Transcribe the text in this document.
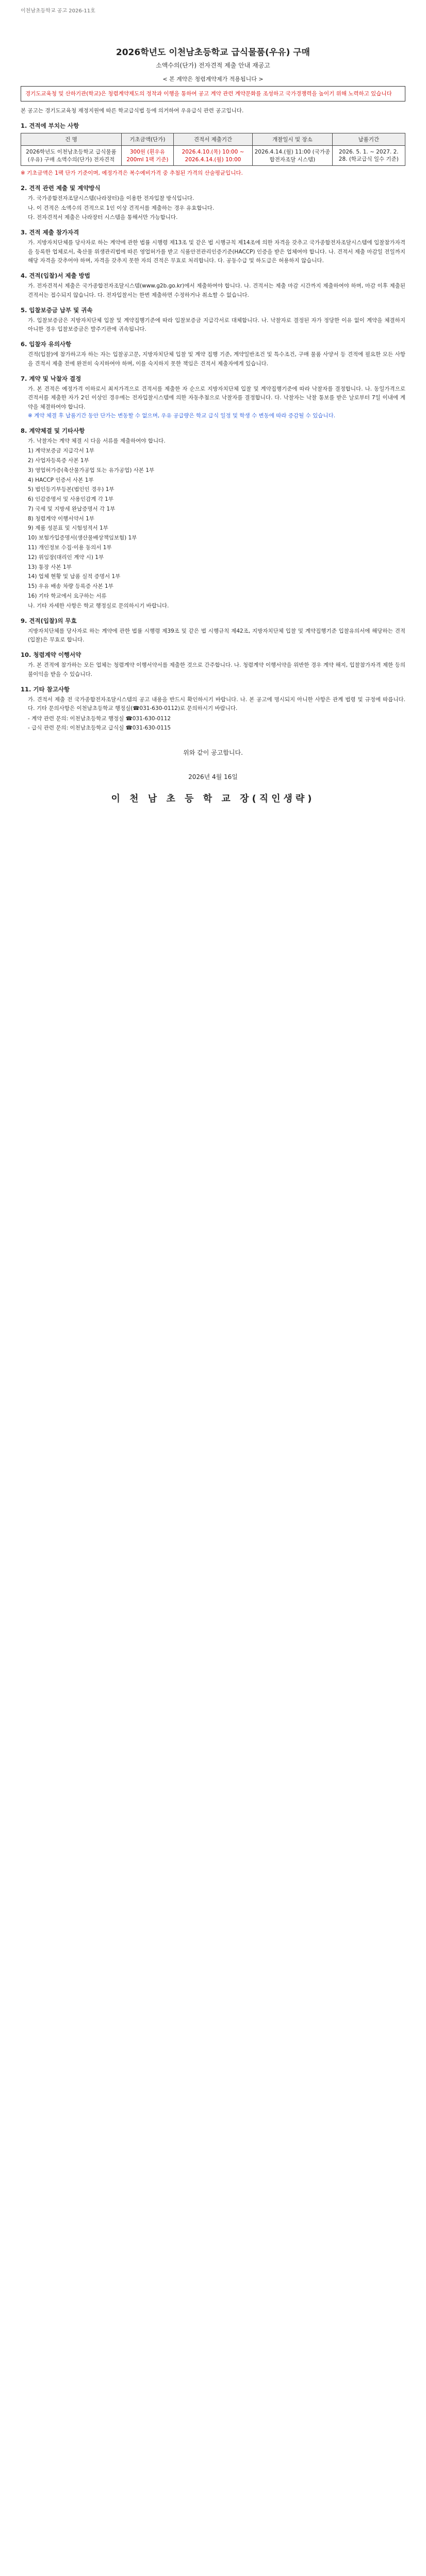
이천남초등학교 공고 2026-11호
2026학년도 이천남초등학교 급식물품(우유) 구매
소액수의(단가) 전자견적 제출 안내 재공고
< 본 계약은 청렴계약제가 적용됩니다 >
경기도교육청 및 산하기관(학교)은 청렴계약제도의 정착과 이행을 통하여 공고 계약 관련 계약문화를 조성하고 국가경쟁력을 높이기 위해 노력하고 있습니다
본 공고는 경기도교육청 재정지원에 따른 학교급식법 등에 의거하여 우유급식 관련 공고입니다.
1. 견적에 부치는 사항
건 명	기초금액(단가)	견적서 제출기간	개찰일시 및 장소	납품기간
2026학년도 이천남초등학교 급식물품(우유) 구매 소액수의(단가) 전자견적	300원 (흰우유 200ml 1팩 기준)	2026.4.10.(목) 10:00 ~ 2026.4.14.(월) 10:00	2026.4.14.(월) 11:00 (국가종합전자조달 시스템)	2026. 5. 1. ~ 2027. 2. 28. (학교급식 일수 기준)
※ 기초금액은 1팩 단가 기준이며, 예정가격은 복수예비가격 중 추첨된 가격의 산술평균입니다.
2. 견적 관련 제출 및 계약방식
가. 국가종합전자조달시스템(나라장터)을 이용한 전자입찰 방식입니다.
나. 이 견적은 소액수의 견적으로 1인 이상 견적서를 제출하는 경우 유효합니다.
다. 전자견적서 제출은 나라장터 시스템을 통해서만 가능합니다.
3. 견적 제출 참가자격
가. 지방자치단체를 당사자로 하는 계약에 관한 법률 시행령 제13조 및 같은 법 시행규칙 제14조에 의한 자격을 갖추고 국가종합전자조달시스템에 입찰참가자격을 등록한 업체로서, 축산물 위생관리법에 따른 영업허가를 받고 식품안전관리인증기준(HACCP) 인증을 받은 업체여야 합니다. 나. 견적서 제출 마감일 전일까지 해당 자격을 갖추어야 하며, 자격을 갖추지 못한 자의 견적은 무효로 처리합니다. 다. 공동수급 및 하도급은 허용하지 않습니다.
4. 견적(입찰)서 제출 방법
가. 전자견적서 제출은 국가종합전자조달시스템(www.g2b.go.kr)에서 제출하여야 합니다. 나. 견적서는 제출 마감 시간까지 제출하여야 하며, 마감 이후 제출된 견적서는 접수되지 않습니다. 다. 전자입찰서는 한번 제출하면 수정하거나 취소할 수 없습니다.
5. 입찰보증금 납부 및 귀속
가. 입찰보증금은 지방자치단체 입찰 및 계약집행기준에 따라 입찰보증금 지급각서로 대체합니다. 나. 낙찰자로 결정된 자가 정당한 이유 없이 계약을 체결하지 아니한 경우 입찰보증금은 발주기관에 귀속됩니다.
6. 입찰자 유의사항
견적(입찰)에 참가하고자 하는 자는 입찰공고문, 지방자치단체 입찰 및 계약 집행 기준, 계약일반조건 및 특수조건, 구매 물품 사양서 등 견적에 필요한 모든 사항을 견적서 제출 전에 완전히 숙지하여야 하며, 이를 숙지하지 못한 책임은 견적서 제출자에게 있습니다.
7. 계약 및 낙찰자 결정
가. 본 견적은 예정가격 이하로서 최저가격으로 견적서를 제출한 자 순으로 지방자치단체 입찰 및 계약집행기준에 따라 낙찰자를 결정합니다. 나. 동일가격으로 견적서를 제출한 자가 2인 이상인 경우에는 전자입찰시스템에 의한 자동추첨으로 낙찰자를 결정합니다. 다. 낙찰자는 낙찰 통보를 받은 날로부터 7일 이내에 계약을 체결하여야 합니다.
※ 계약 체결 후 납품기간 동안 단가는 변동할 수 없으며, 우유 공급량은 학교 급식 일정 및 학생 수 변동에 따라 증감될 수 있습니다.
8. 계약체결 및 기타사항
가. 낙찰자는 계약 체결 시 다음 서류를 제출하여야 합니다.
1) 계약보증금 지급각서 1부
2) 사업자등록증 사본 1부
3) 영업허가증(축산물가공업 또는 유가공업) 사본 1부
4) HACCP 인증서 사본 1부
5) 법인등기부등본(법인인 경우) 1부
6) 인감증명서 및 사용인감계 각 1부
7) 국세 및 지방세 완납증명서 각 1부
8) 청렴계약 이행서약서 1부
9) 제품 성분표 및 시험성적서 1부
10) 보험가입증명서(생산물배상책임보험) 1부
11) 개인정보 수집·이용 동의서 1부
12) 위임장(대리인 계약 시) 1부
13) 통장 사본 1부
14) 업체 현황 및 납품 실적 증명서 1부
15) 우유 배송 차량 등록증 사본 1부
16) 기타 학교에서 요구하는 서류
나. 기타 자세한 사항은 학교 행정실로 문의하시기 바랍니다.
9. 견적(입찰)의 무효
지방자치단체를 당사자로 하는 계약에 관한 법률 시행령 제39조 및 같은 법 시행규칙 제42조, 지방자치단체 입찰 및 계약집행기준 입찰유의서에 해당하는 견적(입찰)은 무효로 합니다.
10. 청렴계약 이행서약
가. 본 견적에 참가하는 모든 업체는 청렴계약 이행서약서를 제출한 것으로 간주합니다. 나. 청렴계약 이행서약을 위반한 경우 계약 해지, 입찰참가자격 제한 등의 불이익을 받을 수 있습니다.
11. 기타 참고사항
가. 견적서 제출 전 국가종합전자조달시스템의 공고 내용을 반드시 확인하시기 바랍니다. 나. 본 공고에 명시되지 아니한 사항은 관계 법령 및 규정에 따릅니다. 다. 기타 문의사항은 이천남초등학교 행정실(☎031-630-0112)로 문의하시기 바랍니다.
- 계약 관련 문의: 이천남초등학교 행정실 ☎031-630-0112
- 급식 관련 문의: 이천남초등학교 급식실 ☎031-630-0115
위와 같이 공고합니다.
2026년 4월 16일
이 천 남 초 등 학 교 장(직인생략)
